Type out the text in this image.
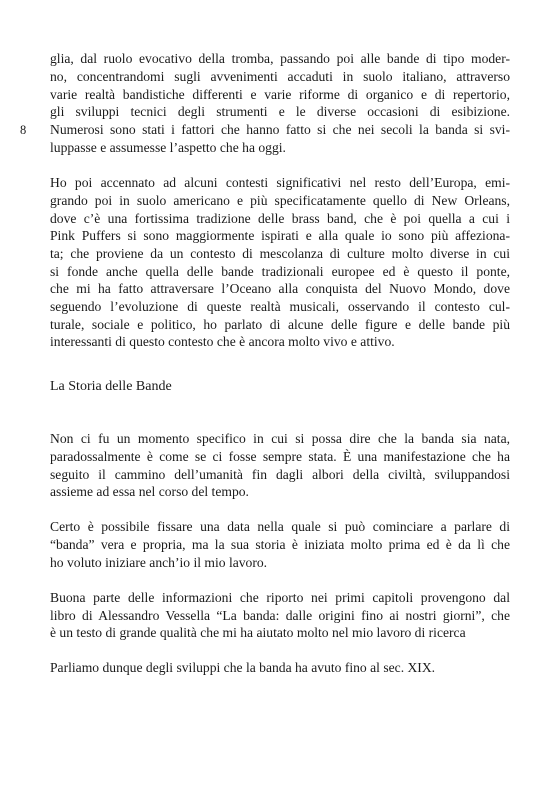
8

glia, dal ruolo evocativo della tromba, passando poi alle bande di tipo moder-

no, concentrandomi sugli avvenimenti accaduti in suolo italiano, attraverso

varie realtà bandistiche differenti e varie riforme di organico e di repertorio,

gli sviluppi tecnici degli strumenti e le diverse occasioni di esibizione.

Numerosi sono stati i fattori che hanno fatto si che nei secoli la banda si svi-

luppasse e assumesse l’aspetto che ha oggi.

Ho poi accennato ad alcuni contesti significativi nel resto dell’Europa, emi-

grando poi in suolo americano e più specificatamente quello di New Orleans,

dove c’è una fortissima tradizione delle brass band, che è poi quella a cui i

Pink Puffers si sono maggiormente ispirati e alla quale io sono più affeziona-

ta; che proviene da un contesto di mescolanza di culture molto diverse in cui

si fonde anche quella delle bande tradizionali europee ed è questo il ponte,

che mi ha fatto attraversare l’Oceano alla conquista del Nuovo Mondo, dove

seguendo l’evoluzione di queste realtà musicali, osservando il contesto cul-

turale, sociale e politico, ho parlato di alcune delle figure e delle bande più

interessanti di questo contesto che è ancora molto vivo e attivo.

La Storia delle Bande

Non ci fu un momento specifico in cui si possa dire che la banda sia nata,

paradossalmente è come se ci fosse sempre stata. È una manifestazione che ha

seguito il cammino dell’umanità fin dagli albori della civiltà, sviluppandosi

assieme ad essa nel corso del tempo.

Certo è possibile fissare una data nella quale si può cominciare a parlare di

“banda” vera e propria, ma la sua storia è iniziata molto prima ed è da lì che

ho voluto iniziare anch’io il mio lavoro.

Buona parte delle informazioni che riporto nei primi capitoli provengono dal

libro di Alessandro Vessella “La banda: dalle origini fino ai nostri giorni”, che

è un testo di grande qualità che mi ha aiutato molto nel mio lavoro di ricerca

Parliamo dunque degli sviluppi che la banda ha avuto fino al sec. XIX.
